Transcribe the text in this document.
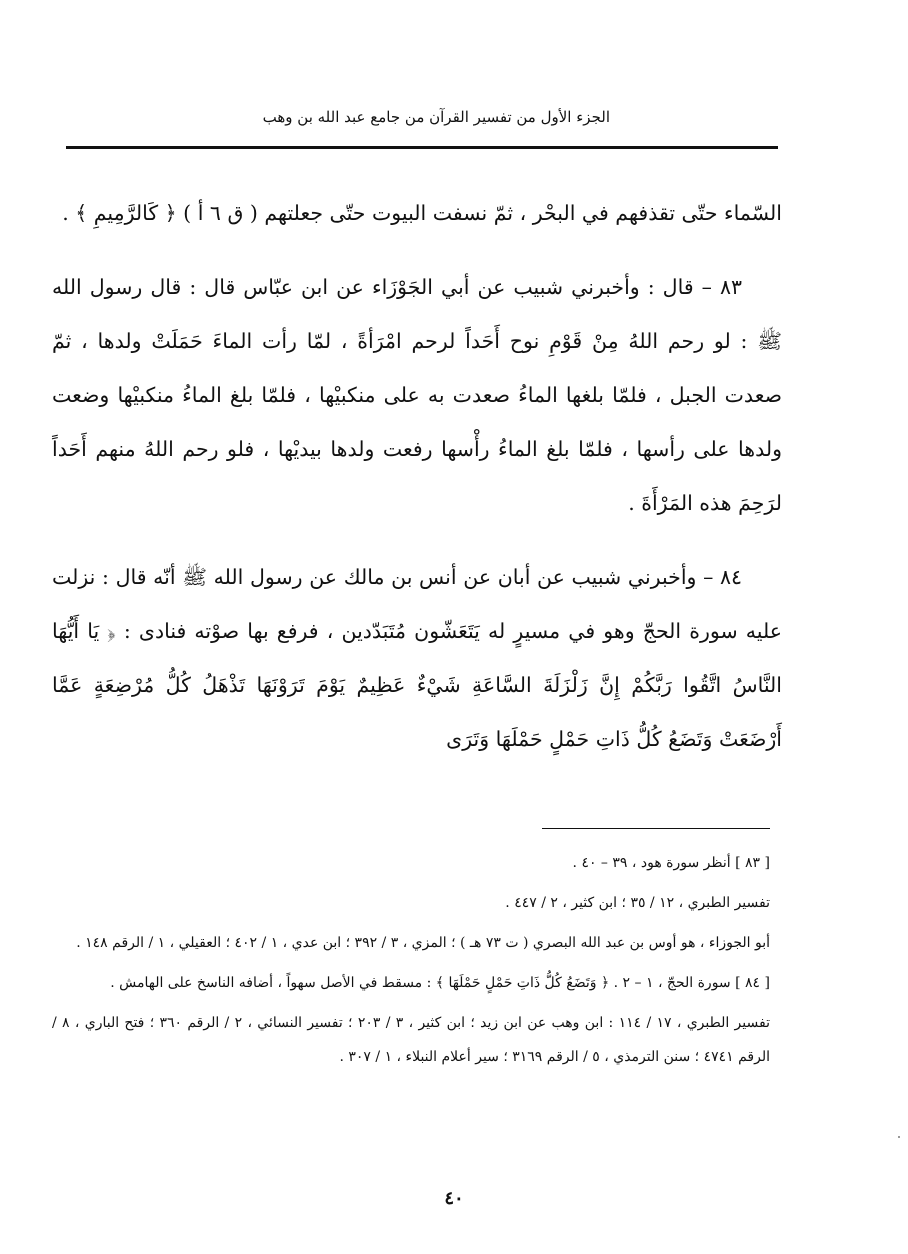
الجزء الأول من تفسير القرآن من جامع عبد الله بن وهب

السّماء حتّى تقذفهم في البحْر ، ثمّ نسفت البيوت حتّى جعلتهم ( ق ٦ أ ) ﴿ كَالرَّمِيمِ ﴾ .

٨٣ – قال : وأخبرني شبيب عن أبي الجَوْزَاء عن ابن عبّاس قال : قال رسول الله ﷺ : لو رحم اللهُ مِنْ قَوْمِ نوح أَحَداً لرحم امْرَأةً ، لمّا رأت الماءَ حَمَلَتْ ولدها ، ثمّ صعدت الجبل ، فلمّا بلغها الماءُ صعدت به على منكبيْها ، فلمّا بلغ الماءُ منكبيْها وضعت ولدها على رأسها ، فلمّا بلغ الماءُ رأْسها رفعت ولدها بيديْها ، فلو رحم اللهُ منهم أَحَداً لرَحِمَ هذه المَرْأَةَ .

٨٤ – وأخبرني شبيب عن أبان عن أنس بن مالك عن رسول الله ﷺ أنّه قال : نزلت عليه سورة الحجّ وهو في مسيرٍ له يَتَعَشّون مُتَبَدّدين ، فرفع بها صوْته فنادى : ﴿ يَا أَيُّهَا النَّاسُ اتَّقُوا رَبَّكُمْ إِنَّ زَلْزَلَةَ السَّاعَةِ شَيْءٌ عَظِيمٌ يَوْمَ تَرَوْنَهَا تَذْهَلُ كُلُّ مُرْضِعَةٍ عَمَّا أَرْضَعَتْ وَتَضَعُ كُلُّ ذَاتِ حَمْلٍ حَمْلَهَا وَتَرَى

[ ٨٣ ] أنظر سورة هود ، ٣٩ – ٤٠ .

تفسير الطبري ، ١٢ / ٣٥ ؛ ابن كثير ، ٢ / ٤٤٧ .

أبو الجوزاء ، هو أوس بن عبد الله البصري ( ت ٧٣ هـ ) ؛ المزي ، ٣ / ٣٩٢ ؛ ابن عدي ، ١ / ٤٠٢ ؛ العقيلي ، ١ / الرقم ١٤٨ .

[ ٨٤ ] سورة الحجّ ، ١ – ٢ . ﴿ وَتَضَعُ كُلُّ ذَاتِ حَمْلٍ حَمْلَهَا ﴾ : مسقط في الأصل سهواً ، أضافه الناسخ على الهامش .

تفسير الطبري ، ١٧ / ١١٤ : ابن وهب عن ابن زيد ؛ ابن كثير ، ٣ / ٢٠٣ ؛ تفسير النسائي ، ٢ / الرقم ٣٦٠ ؛ فتح الباري ، ٨ / الرقم ٤٧٤١ ؛ سنن الترمذي ، ٥ / الرقم ٣١٦٩ ؛ سير أعلام النبلاء ، ١ / ٣٠٧ .

٤٠
